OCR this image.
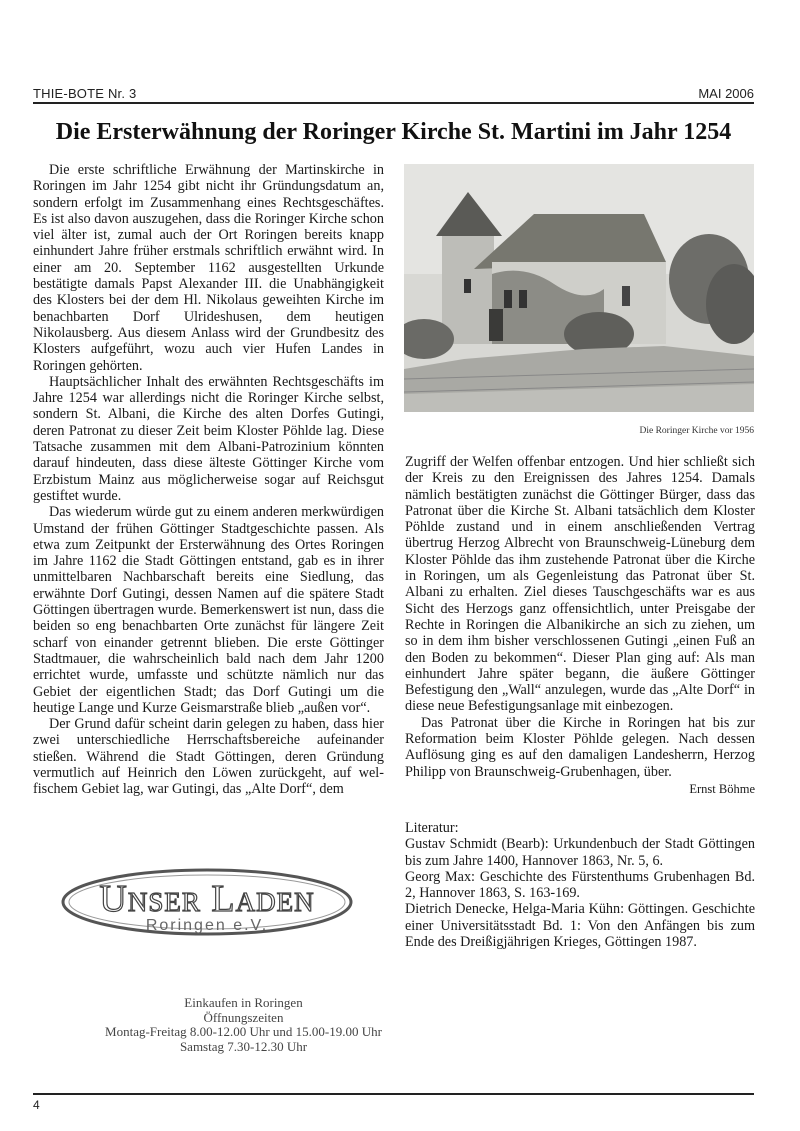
THIE-BOTE Nr. 3	MAI 2006
Die Ersterwähnung der Roringer Kirche St. Martini im Jahr 1254

Die erste schriftliche Erwähnung der Martinskirche in Roringen im Jahr 1254 gibt nicht ihr Gründungsdatum an, sondern erfolgt im Zusammenhang eines Rechtsgeschäftes. Es ist also davon auszugehen, dass die Roringer Kirche schon viel älter ist, zumal auch der Ort Roringen bereits knapp einhundert Jahre früher erstmals schriftlich erwähnt wird. In einer am 20. September 1162 ausgestellten Urkunde bestätigte damals Papst Alexander III. die Unabhängigkeit des Klosters bei der dem Hl. Nikolaus geweihten Kirche im benachbarten Dorf Ulrideshusen, dem heutigen Nikolausberg. Aus diesem Anlass wird der Grundbesitz des Klosters aufgeführt, wozu auch vier Hufen Landes in Roringen gehörten.

Hauptsächlicher Inhalt des erwähnten Rechtsgeschäfts im Jahre 1254 war allerdings nicht die Roringer Kirche selbst, sondern St. Albani, die Kirche des alten Dorfes Gutingi, deren Patronat zu dieser Zeit beim Kloster Pöhlde lag. Diese Tatsache zusammen mit dem Albani-Patrozinium könnten darauf hindeuten, dass diese älteste Göttinger Kirche vom Erzbistum Mainz aus möglicherweise sogar auf Reichsgut gestiftet wurde.

Das wiederum würde gut zu einem anderen merkwürdigen Umstand der frühen Göttinger Stadtgeschichte passen. Als etwa zum Zeitpunkt der Ersterwähnung des Ortes Roringen im Jahre 1162 die Stadt Göttingen entstand, gab es in ihrer unmittelbaren Nachbarschaft bereits eine Siedlung, das erwähnte Dorf Gutingi, dessen Namen auf die spätere Stadt Göttingen übertragen wurde. Bemerkenswert ist nun, dass die beiden so eng benachbarten Orte zunächst für längere Zeit scharf von einander getrennt blieben. Die erste Göttinger Stadtmauer, die wahrscheinlich bald nach dem Jahr 1200 errichtet wurde, umfasste und schützte nämlich nur das Gebiet der eigentlichen Stadt; das Dorf Gutingi um die heutige Lange und Kurze Geismarstraße blieb „außen vor“.

Der Grund dafür scheint darin gelegen zu haben, dass hier zwei unterschiedliche Herrschaftsbereiche aufeinander stießen. Während die Stadt Göttingen, deren Gründung vermutlich auf Heinrich den Löwen zurückgeht, auf welfischem Gebiet lag, war Gutingi, das „Alte Dorf“, dem

Die Roringer Kirche vor 1956

Zugriff der Welfen offenbar entzogen. Und hier schließt sich der Kreis zu den Ereignissen des Jahres 1254. Damals nämlich bestätigten zunächst die Göttinger Bürger, dass das Patronat über die Kirche St. Albani tatsächlich dem Kloster Pöhlde zustand und in einem anschließenden Vertrag übertrug Herzog Albrecht von Braunschweig-Lüneburg dem Kloster Pöhlde das ihm zustehende Patronat über die Kirche in Roringen, um als Gegenleistung das Patronat über St. Albani zu erhalten. Ziel dieses Tauschgeschäfts war es aus Sicht des Herzogs ganz offensichtlich, unter Preisgabe der Rechte in Roringen die Albanikirche an sich zu ziehen, um so in dem ihm bisher verschlossenen Gutingi „einen Fuß an den Boden zu bekommen“. Dieser Plan ging auf: Als man einhundert Jahre später begann, die äußere Göttinger Befestigung den „Wall“ anzulegen, wurde das „Alte Dorf“ in diese neue Befestigungsanlage mit einbezogen.

Das Patronat über die Kirche in Roringen hat bis zur Reformation beim Kloster Pöhlde gelegen. Nach dessen Auflösung ging es auf den damaligen Landesherrn, Herzog Philipp von Braunschweig-Grubenhagen, über.

Ernst Böhme

Literatur:

Gustav Schmidt (Bearb): Urkundenbuch der Stadt Göttingen bis zum Jahre 1400, Hannover 1863, Nr. 5, 6.

Georg Max: Geschichte des Fürstenthums Grubenhagen Bd. 2, Hannover 1863, S. 163-169.

Dietrich Denecke, Helga-Maria Kühn: Göttingen. Geschichte einer Universitätsstadt Bd. 1: Von den Anfängen bis zum Ende des Dreißigjährigen Krieges, Göttingen 1987.

Unser Laden
Roringen e.V.
Einkaufen in Roringen
Öffnungszeiten
Montag-Freitag 8.00-12.00 Uhr und 15.00-19.00 Uhr
Samstag 7.30-12.30 Uhr
4
